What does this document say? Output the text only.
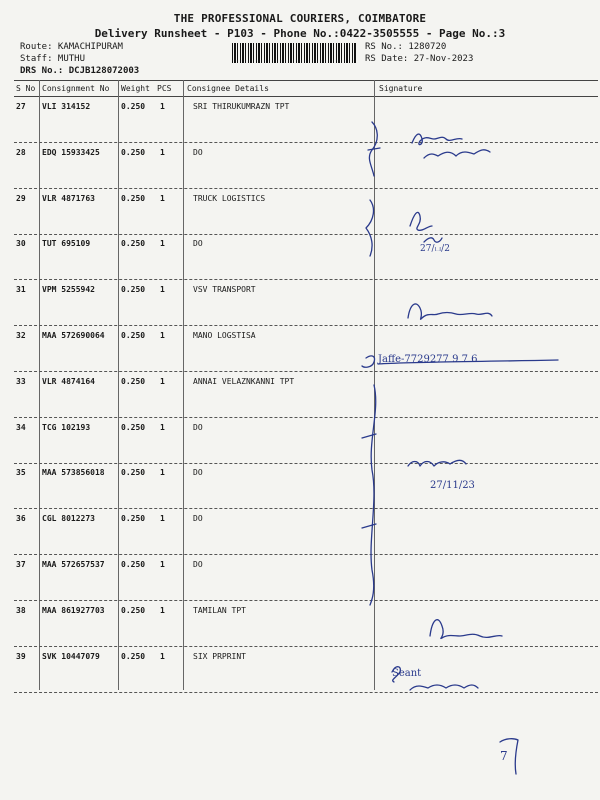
THE PROFESSIONAL COURIERS, COIMBATORE
Delivery Runsheet - P103 - Phone No.:0422-3505555 - Page No.:3
Route: KAMACHIPURAM
Staff: MUTHU
DRS No.: DCJB128072003
RS No.: 1280720
RS Date: 27-Nov-2023
S No Consignment No Weight PCS Consignee Details	Signature
27 VLI 314152	0.250 1	SRI THIRUKUMRAZN TPT
28 EDQ 15933425	0.250 1	DO
29 VLR 4871763	0.250 1	TRUCK LOGISTICS
30 TUT 695109	0.250 1	DO
31 VPM 5255942	0.250 1	VSV TRANSPORT
32 MAA 572690064 0.250 1	MANO LOGSTISA
33 VLR 4874164	0.250 1	ANNAI VELAZNKANNI TPT
34 TCG 102193	0.250 1	DO
35 MAA 573856018 0.250 1	DO
36 CGL 8012273	0.250 1	DO
37 MAA 572657537 0.250 1	DO
38 MAA 861927703 0.250 1	TAMILAN TPT
39 SVK 10447079	0.250 1	SIX PRPRINT
27/ப/2
Jaffe-7729277 9 7 6
27/11/23
Seant
7
